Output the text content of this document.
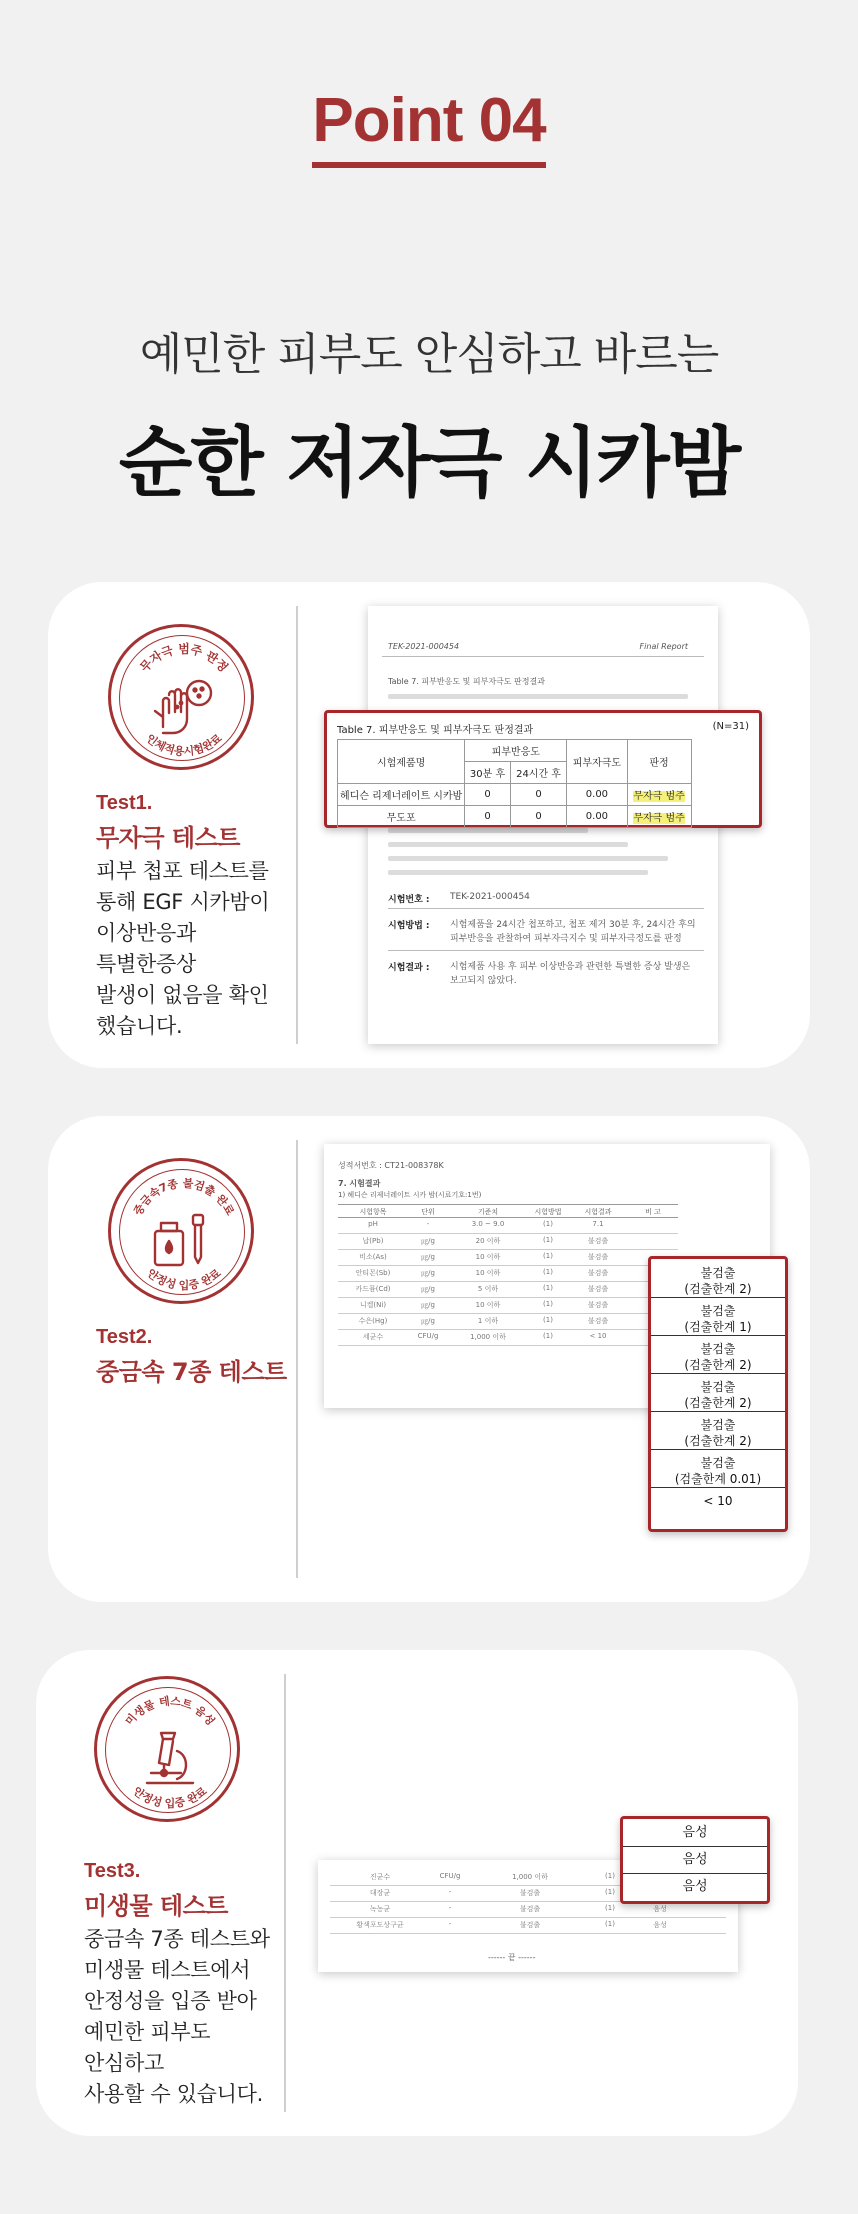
Point 04
예민한 피부도 안심하고 바르는
순한 저자극 시카밤
무자극 범주 판정
인체적용시험완료
Test1.
무자극 테스트
피부 첩포 테스트를
통해 EGF 시카밤이
이상반응과
특별한증상
발생이 없음을 확인
했습니다.
TEK-2021-000454	Final Report
Table 7. 피부반응도 및 피부자극도 판정결과
시험번호 : TEK-2021-000454
시험방법 : 시험제품을 24시간 첩포하고, 첩포 제거 30분 후, 24시간 후의
피부반응을 관찰하여 피부자극지수 및 피부자극정도를 판정
시험결과 : 시험제품 사용 후 피부 이상반응과 관련한 특별한 증상 발생은
보고되지 않았다.
Table 7. 피부반응도 및 피부자극도 판정결과	(N=31)
시험제품명	피부반응도		피부자극도	판정
	30분 후	24시간 후		
헤디슨 리제너레이트 시카밤	0	0	0.00	무자극 범주
무도포	0	0	0.00	무자극 범주
중금속7종 불검출 완료
안정성 입증 완료
Test2.
중금속 7종 테스트
성적서번호 : CT21-008378K
7. 시험결과
1) 헤디슨 리제너레이트 시카 밤(시료기호:1번)
pH	-	3.0 ~ 9.0	(1)	7.1
납(Pb)	㎍/g	20 이하	(1)	불검출
비소(As)	㎍/g	10 이하	(1)	불검출
안티몬(Sb)	㎍/g	10 이하	(1)	불검출
카드뮴(Cd)	㎍/g	5 이하	(1)	불검출
니켈(Ni)	㎍/g	10 이하	(1)	불검출
수은(Hg)	㎍/g	1 이하	(1)	불검출
세균수	CFU/g	1,000 이하	(1)	< 10
시험항목	단위	기준치	시험방법	시험결과	비 고
불검출
(검출한계 2)
불검출
(검출한계 1)
불검출
(검출한계 2)
불검출
(검출한계 2)
불검출
(검출한계 2)
불검출
(검출한계 0.01)
< 10
미생물 테스트 음성
안정성 입증 완료
Test3.
미생물 테스트
중금속 7종 테스트와
미생물 테스트에서
안정성을 입증 받아
예민한 피부도
안심하고
사용할 수 있습니다.
진균수	CFU/g	1,000 이하	(1)
대장균	-	불검출	(1)
녹농균	-	불검출	(1)	음성
황색포도상구균	-	불검출	(1)	음성
------ 끝 ------
음성
음성
음성
